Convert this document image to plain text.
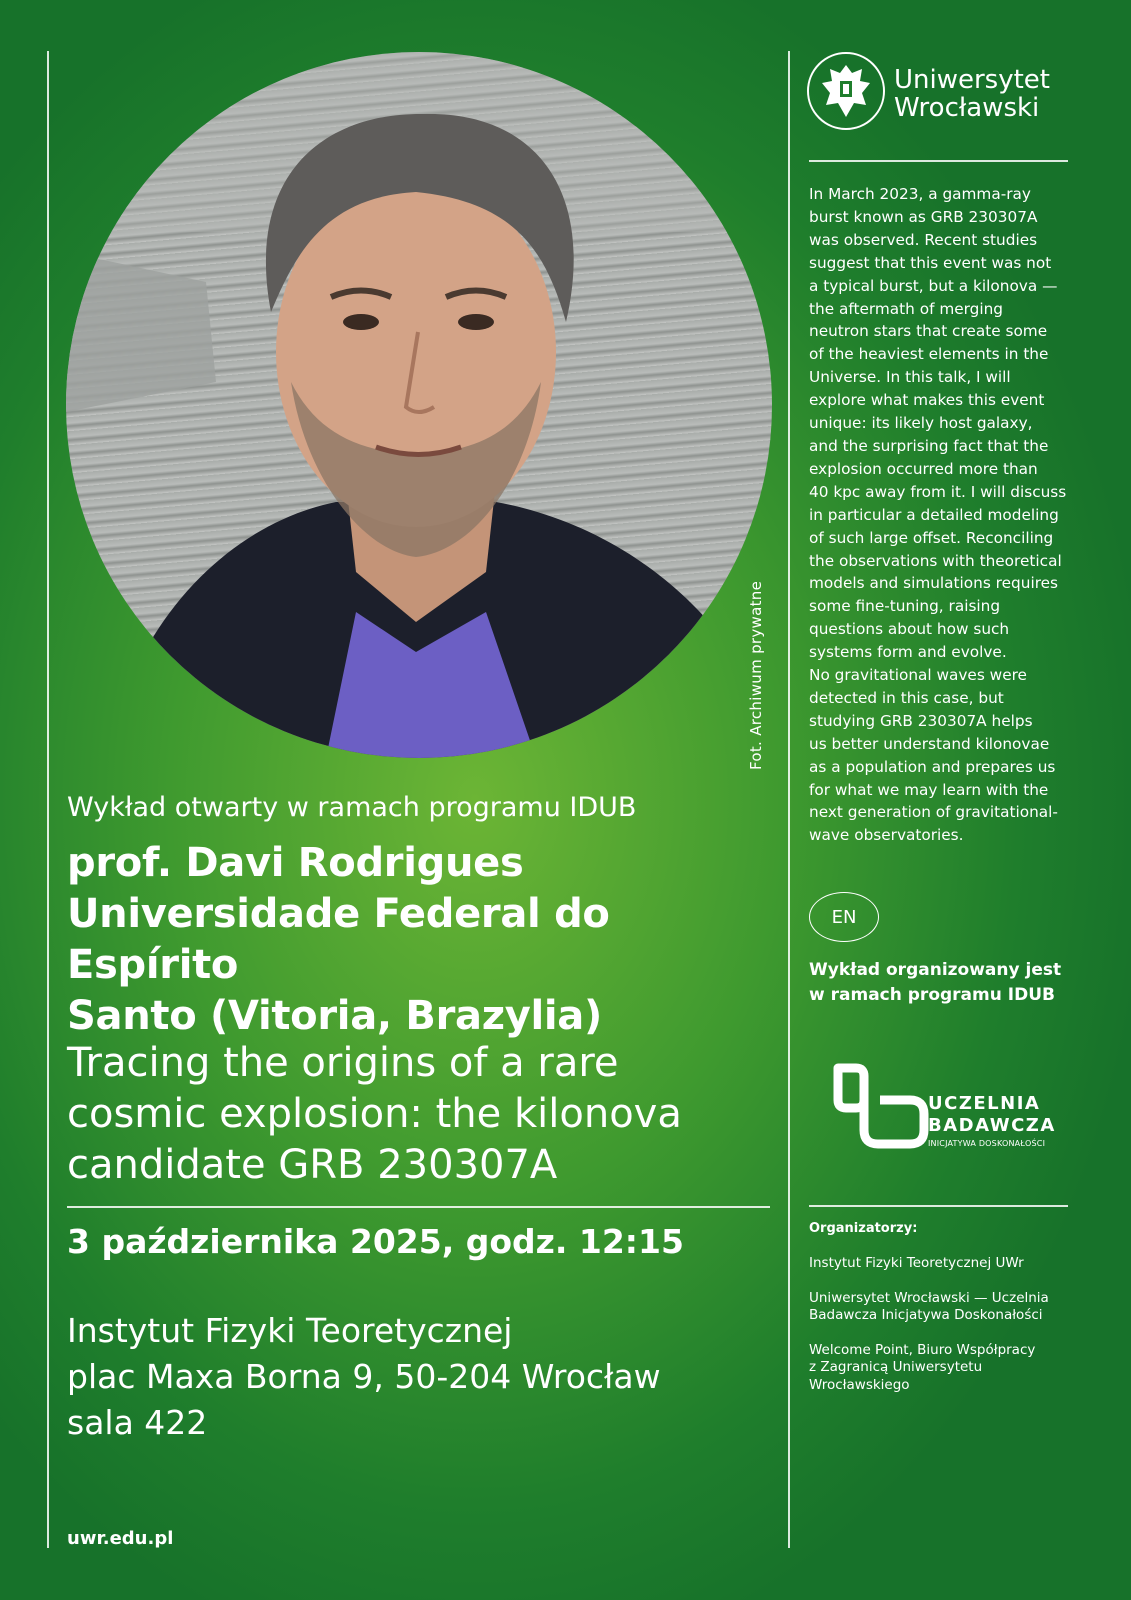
Fot. Archiwum prywatne
Wykład otwarty w ramach programu IDUB
prof. Davi Rodrigues
Universidade Federal do Espírito
Santo (Vitoria, Brazylia)
Tracing the origins of a rare
cosmic explosion: the kilonova
candidate GRB 230307A
3 października 2025, godz. 12:15
Instytut Fizyki Teoretycznej
plac Maxa Borna 9, 50-204 Wrocław
sala 422
uwr.edu.pl
Uniwersytet
Wrocławski
In March 2023, a gamma-ray
burst known as GRB 230307A
was observed. Recent studies
suggest that this event was not
a typical burst, but a kilonova —
the aftermath of merging
neutron stars that create some
of the heaviest elements in the
Universe. In this talk, I will
explore what makes this event
unique: its likely host galaxy,
and the surprising fact that the
explosion occurred more than
40 kpc away from it. I will discuss
in particular a detailed modeling
of such large offset. Reconciling
the observations with theoretical
models and simulations requires
some fine-tuning, raising
questions about how such
systems form and evolve.
No gravitational waves were
detected in this case, but
studying GRB 230307A helps
us better understand kilonovae
as a population and prepares us
for what we may learn with the
next generation of gravitational-
wave observatories.
EN
Wykład organizowany jest
w ramach programu IDUB
UCZELNIA
BADAWCZA
INICJATYWA DOSKONAŁOŚCI
Organizatorzy:
Instytut Fizyki Teoretycznej UWr
Uniwersytet Wrocławski — Uczelnia
Badawcza Inicjatywa Doskonałości
Welcome Point, Biuro Współpracy
z Zagranicą Uniwersytetu
Wrocławskiego
